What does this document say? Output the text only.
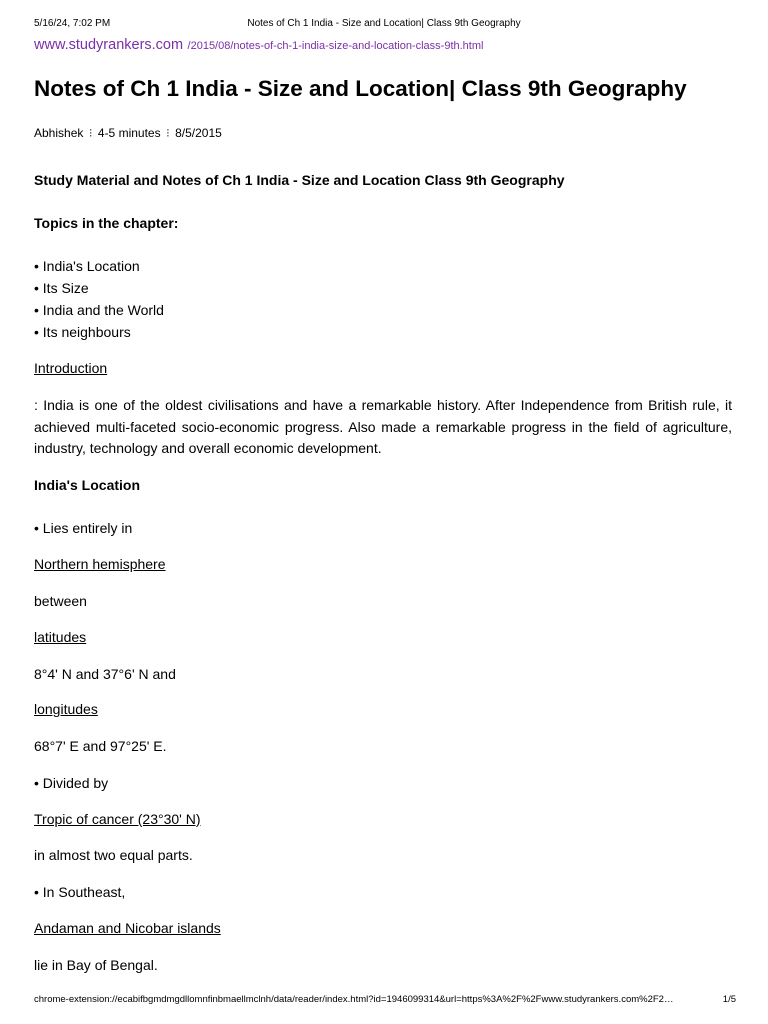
5/16/24, 7:02 PM	Notes of Ch 1 India - Size and Location| Class 9th Geography
www.studyrankers.com /2015/08/notes-of-ch-1-india-size-and-location-class-9th.html
Notes of Ch 1 India - Size and Location| Class 9th Geography
Abhishek ⁝ 4-5 minutes ⁝ 8/5/2015

Study Material and Notes of Ch 1 India - Size and Location Class 9th Geography

Topics in the chapter:

• India's Location

• Its Size

• India and the World

• Its neighbours

Introduction

: India is one of the oldest civilisations and have a remarkable history. After Independence from British rule, it achieved multi-faceted socio-economic progress. Also made a remarkable progress in the field of agriculture, industry, technology and overall economic development.

India's Location

• Lies entirely in

Northern hemisphere

between

latitudes

8°4' N and 37°6' N and

longitudes

68°7' E and 97°25' E.

• Divided by

Tropic of cancer (23°30' N)

in almost two equal parts.

• In Southeast,

Andaman and Nicobar islands

lie in Bay of Bengal.

chrome-extension://ecabifbgmdmgdllomnfinbmaellmclnh/data/reader/index.html?id=1946099314&url=https%3A%2F%2Fwww.studyrankers.com%2F2…	1/5
